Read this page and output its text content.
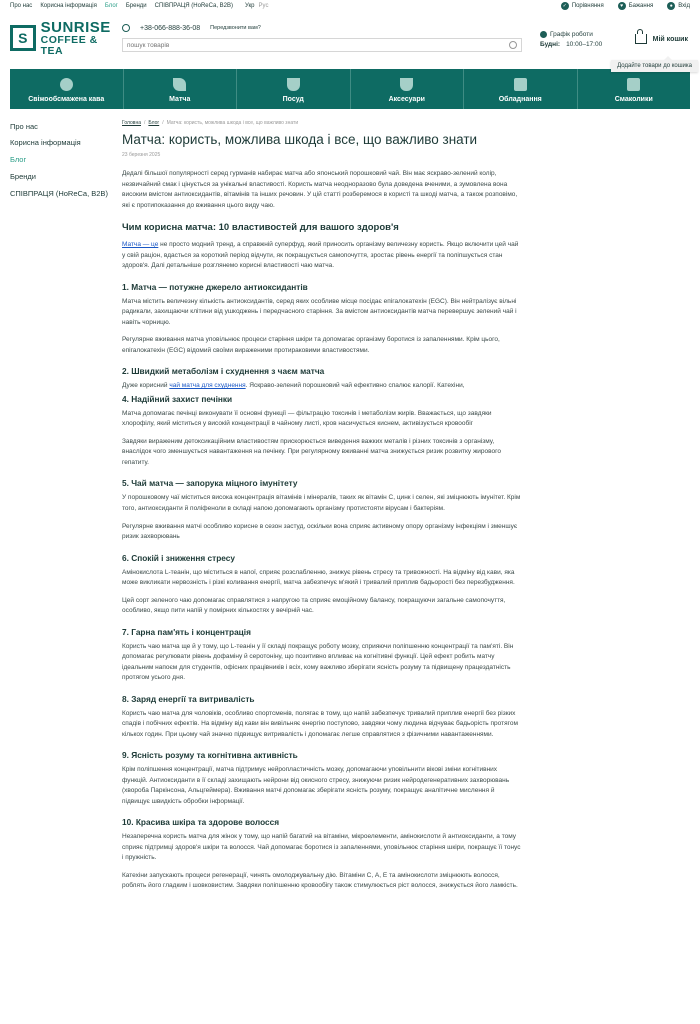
Про нас Корисна інформація Блог Бренди СПІВПРАЦЯ (HoReCa, B2B) Укр Рус	✓ Порівняння	♥ Бажання	● Вхід
S
SUNRISE
COFFEE & TEA
+38-066-888-36-08 Передзвонити вам?
пошук товарів
Графік роботи
Будні: 10:00–17:00
Мій кошик
Додайте товари до кошика
Свіжообсмажена кава	Матча	Посуд	Аксесуари	Обладнання	Смаколики
Про нас
Корисна інформація
Блог
Бренди
СПІВПРАЦЯ (HoReCa, B2B)
Головна / Блог / Матча: користь, можлива шкода і все, що важливо знати
Матча: користь, можлива шкода і все, що важливо знати
23 березня 2025

Дедалі більшої популярності серед гурманів набирає матча або японський порошковий чай. Він має яскраво-зелений колір, незвичайний смак і цінується за унікальні властивості. Користь матча неодноразово була доведена вченими, а зумовлена вона високим вмістом антиоксидантів, вітамінів та інших речовин. У цій статті розберемося в користі та шкоді матча, а також розповімо, які є протипоказання до вживання цього виду чаю.

Чим корисна матча: 10 властивостей для вашого здоров'я

Матча — це не просто модний тренд, а справжній суперфуд, який приносить організму величезну користь. Якщо включити цей чай у свій раціон, вдасться за короткий період відчути, як покращується самопочуття, зростає рівень енергії та поліпшується стан здоров'я. Далі детальніше розглянемо корисні властивості чаю матча.

1. Матча — потужне джерело антиоксидантів

Матча містить величезну кількість антиоксидантів, серед яких особливе місце посідає епігалокатехін (EGC). Він нейтралізує вільні радикали, захищаючи клітини від ушкоджень і передчасного старіння. За вмістом антиоксидантів матча перевершує зелений чай і навіть чорницю.

Регулярне вживання матча уповільнює процеси старіння шкіри та допомагає організму боротися із запаленнями. Крім цього, епігалокатехін (EGC) відомий своїми вираженими протираковими властивостями.

2. Швидкий метаболізм і схуднення з чаєм матча

Дуже корисний чай матча для схуднення. Яскраво-зелений порошковий чай ефективно спалює калорії. Катехіни,

4. Надійний захист печінки

Матча допомагає печінці виконувати її основні функції — фільтрацію токсинів і метаболізм жирів. Вважається, що завдяки хлорофілу, який міститься у високій концентрації в чайному листі, кров насичується киснем, активізується кровообіг

Завдяки вираженим детоксикаційним властивостям прискорюється виведення важких металів і різних токсинів з організму, внаслідок чого зменшується навантаження на печінку. При регулярному вживанні матча знижується ризик розвитку жирового гепатиту.

5. Чай матча — запорука міцного імунітету

У порошковому чаї міститься висока концентрація вітамінів і мінералів, таких як вітамін С, цинк і селен, які зміцнюють імунітет. Крім того, антиоксиданти й поліфеноли в складі напою допомагають організму протистояти вірусам і бактеріям.

Регулярне вживання матчі особливо корисне в сезон застуд, оскільки вона сприяє активному опору організму інфекціям і зменшує ризик захворювань

6. Спокій і зниження стресу

Амінокислота L-теанін, що міститься в напої, сприяє розслабленню, знижує рівень стресу та тривожності. На відміну від кави, яка може викликати нервозність і різкі коливання енергії, матча забезпечує м'який і тривалий приплив бадьорості без перезбудження.

Цей сорт зеленого чаю допомагає справлятися з напругою та сприяє емоційному балансу, покращуючи загальне самопочуття, особливо, якщо пити напій у помірних кількостях у вечірній час.

7. Гарна пам'ять і концентрація

Користь чаю матча ще й у тому, що L-теанін у її складі покращує роботу мозку, сприяючи поліпшенню концентрації та пам'яті. Він допомагає регулювати рівень дофаміну й серотоніну, що позитивно впливає на когнітивні функції. Цей ефект робить матчу ідеальним напоєм для студентів, офісних працівників і всіх, кому важливо зберігати ясність розуму та підвищену працездатність протягом усього дня.

8. Заряд енергії та витривалість

Користь чаю матча для чоловіків, особливо спортсменів, полягає в тому, що напій забезпечує тривалий приплив енергії без різких спадів і побічних ефектів. На відміну від кави він вивільняє енергію поступово, завдяки чому людина відчуває бадьорість протягом кількох годин. При цьому чай значно підвищує витривалість і допомагає легше справлятися з фізичними навантаженнями.

9. Ясність розуму та когнітивна активність

Крім поліпшення концентрації, матча підтримує нейропластичність мозку, допомагаючи уповільнити вікові зміни когнітивних функцій. Антиоксиданти в її складі захищають нейрони від окисного стресу, знижуючи ризик нейродегенеративних захворювань (хвороба Паркінсона, Альцгеймера). Вживання матчі допомагає зберігати ясність розуму, покращує аналітичне мислення й підвищує швидкість обробки інформації.

10. Красива шкіра та здорове волосся

Незаперечна користь матча для жінок у тому, що напій багатий на вітаміни, мікроелементи, амінокислоти й антиоксиданти, а тому сприяє підтримці здоров'я шкіри та волосся. Чай допомагає боротися із запаленнями, уповільнює старіння шкіри, покращує її тонус і пружність.

Катехіни запускають процеси регенерації, чинять омолоджувальну дію. Вітаміни С, А, Е та амінокислоти зміцнюють волосся, роблять його гладким і шовковистим. Завдяки поліпшенню кровообігу також стимулюється ріст волосся, знижується його ламкість.
